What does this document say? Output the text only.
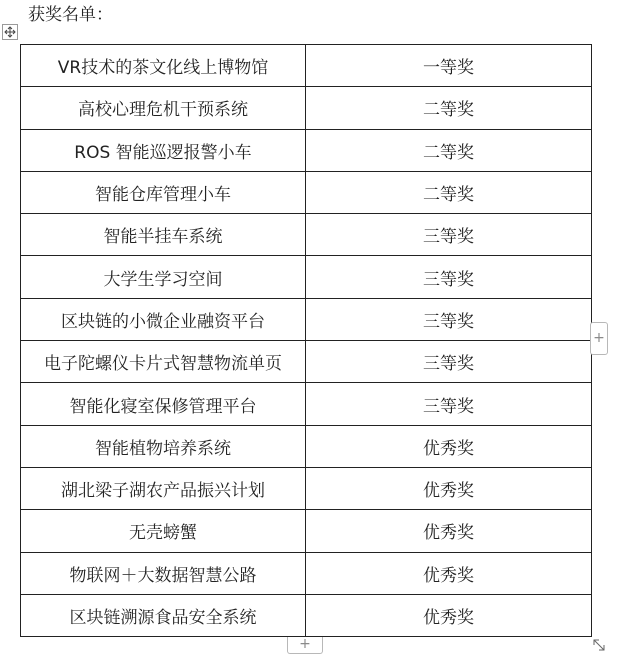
获奖名单：
VR技术的茶文化线上博物馆	一等奖
高校心理危机干预系统	二等奖
ROS 智能巡逻报警小车	二等奖
智能仓库管理小车	二等奖
智能半挂车系统	三等奖
大学生学习空间	三等奖
区块链的小微企业融资平台	三等奖
电子陀螺仪卡片式智慧物流单页	三等奖
智能化寝室保修管理平台	三等奖
智能植物培养系统	优秀奖
湖北梁子湖农产品振兴计划	优秀奖
无壳螃蟹	优秀奖
物联网＋大数据智慧公路	优秀奖
区块链溯源食品安全系统	优秀奖
+
+
